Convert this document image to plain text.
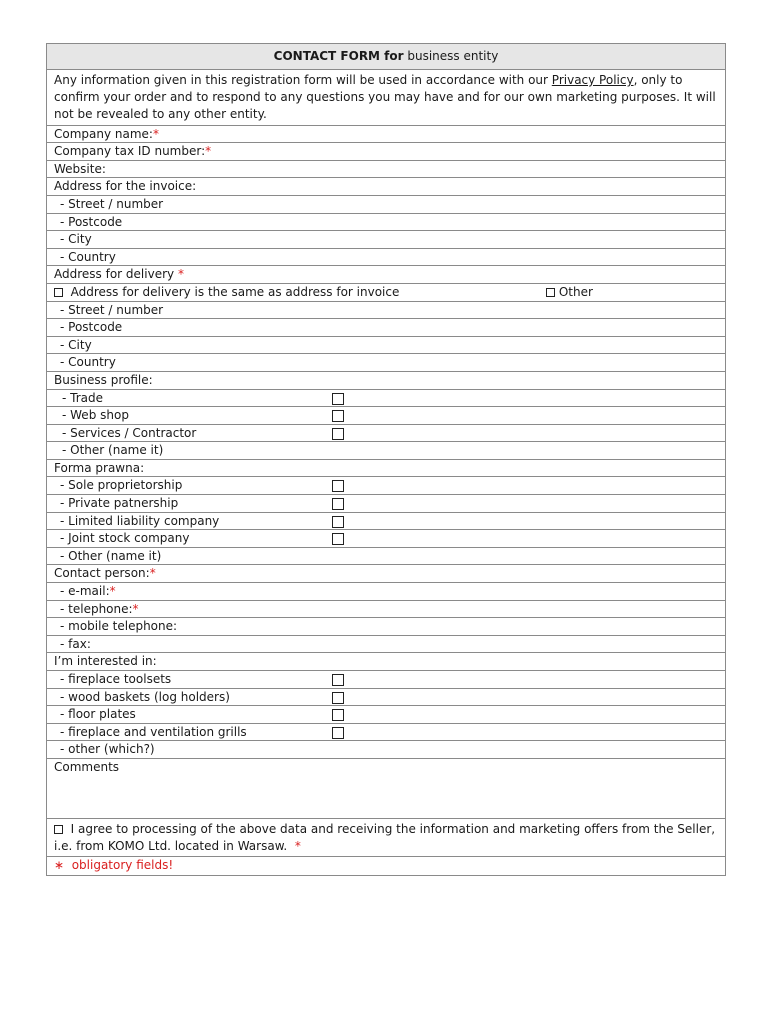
CONTACT FORM for business entity
Any information given in this registration form will be used in accordance with our Privacy Policy, only to confirm your order and to respond to any questions you may have and for our own marketing purposes. It will not be revealed to any other entity.
Company name:*
Company tax ID number:*
Website:
Address for the invoice:
- Street / number
- Postcode
- City
- Country
Address for delivery *
Address for delivery is the same as address for invoice	Other
- Street / number
- Postcode
- City
- Country
Business profile:
- Trade
- Web shop
- Services / Contractor
- Other (name it)
Forma prawna:
- Sole proprietorship
- Private patnership
- Limited liability company
- Joint stock company
- Other (name it)
Contact person:*
- e-mail:*
- telephone:*
- mobile telephone:
- fax:
I’m interested in:
- fireplace toolsets
- wood baskets (log holders)
- floor plates
- fireplace and ventilation grills
- other (which?)
Comments
I agree to processing of the above data and receiving the information and marketing offers from the Seller, i.e. from KOMO Ltd. located in Warsaw. *
∗ obligatory fields!
